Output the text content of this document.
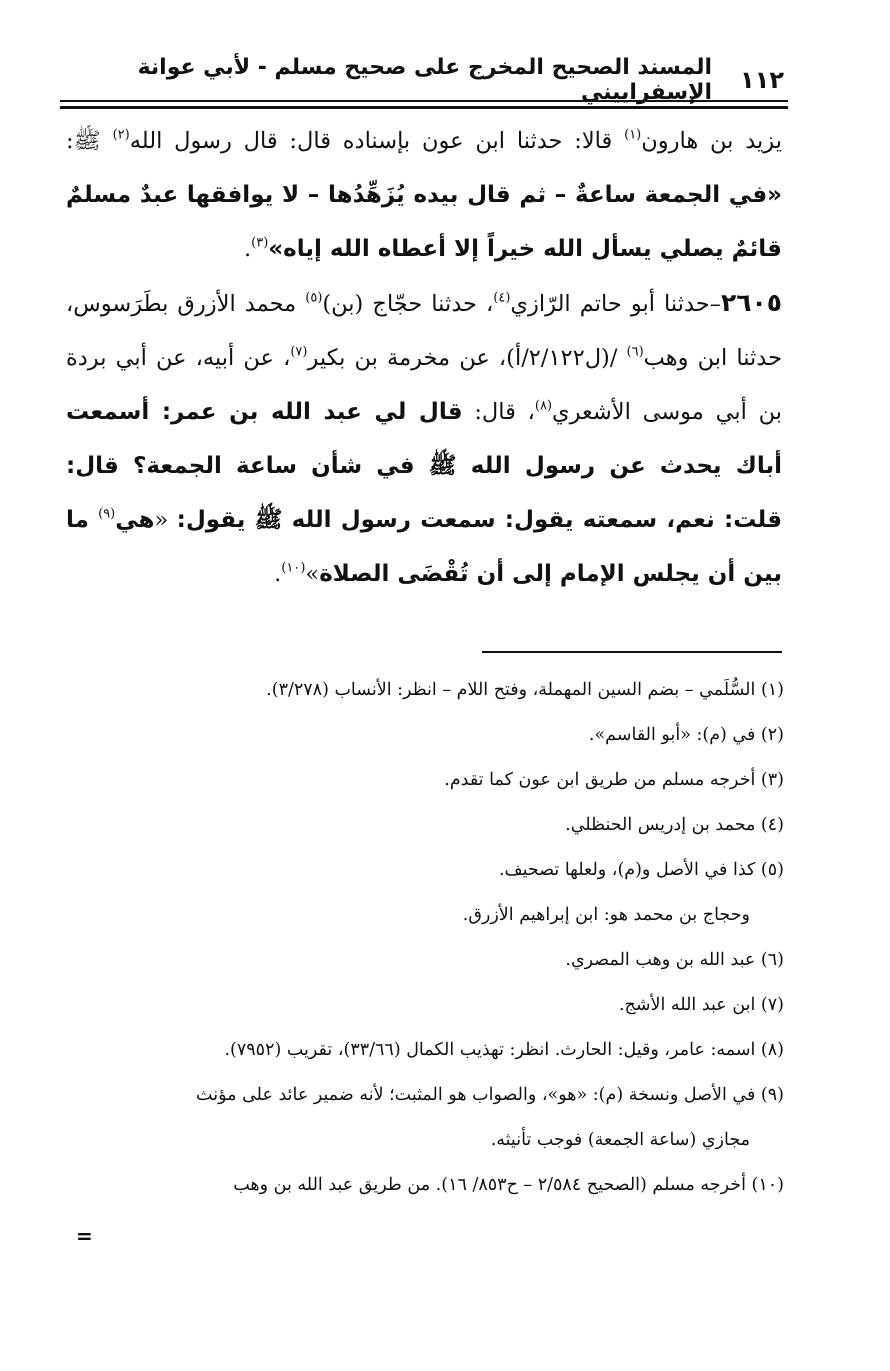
١١٢
المسند الصحيح المخرج على صحيح مسلم - لأبي عوانة الإسفراييني

يزيد بن هارون$^{(١)}$ قالا: حدثنا ابن عون بإسناده قال: قال رسول الله$^{(٢)}$ ﷺ: «في الجمعة ساعةٌ – ثم قال بيده يُزَهِّدُها – لا يوافقها عبدٌ مسلمٌ قائمٌ يصلي يسأل الله خيراً إلا أعطاه الله إياه»$^{(٣)}$.

٢٦٠٥–حدثنا أبو حاتم الرّازي$^{(٤)}$، حدثنا حجّاج (بن)$^{(٥)}$ محمد الأزرق بطَرَسوس، حدثنا ابن وهب$^{(٦)}$ /(ل٢/١٢٢/أ)، عن مخرمة بن بكير$^{(٧)}$، عن أبيه، عن أبي بردة بن أبي موسى الأشعري$^{(٨)}$، قال: قال لي عبد الله بن عمر: أسمعت أباك يحدث عن رسول الله ﷺ في شأن ساعة الجمعة؟ قال: قلت: نعم، سمعته يقول: سمعت رسول الله ﷺ يقول: «هي$^{(٩)}$ ما بين أن يجلس الإمام إلى أن تُقْضَى الصلاة»$^{(١٠)}$.

(١) السُّلَمي – بضم السين المهملة، وفتح اللام – انظر: الأنساب (٣/٢٧٨).

(٢) في (م): «أبو القاسم».

(٣) أخرجه مسلم من طريق ابن عون كما تقدم.

(٤) محمد بن إدريس الحنظلي.

(٥) كذا في الأصل و(م)، ولعلها تصحيف.

وحجاج بن محمد هو: ابن إبراهيم الأزرق.

(٦) عبد الله بن وهب المصري.

(٧) ابن عبد الله الأشج.

(٨) اسمه: عامر، وقيل: الحارث. انظر: تهذيب الكمال (٣٣/٦٦)، تقريب (٧٩٥٢).

(٩) في الأصل ونسخة (م): «هو»، والصواب هو المثبت؛ لأنه ضمير عائد على مؤنث

مجازي (ساعة الجمعة) فوجب تأنيثه.

(١٠) أخرجه مسلم (الصحيح ٢/٥٨٤ – ح٨٥٣/ ١٦). من طريق عبد الله بن وهب

=
